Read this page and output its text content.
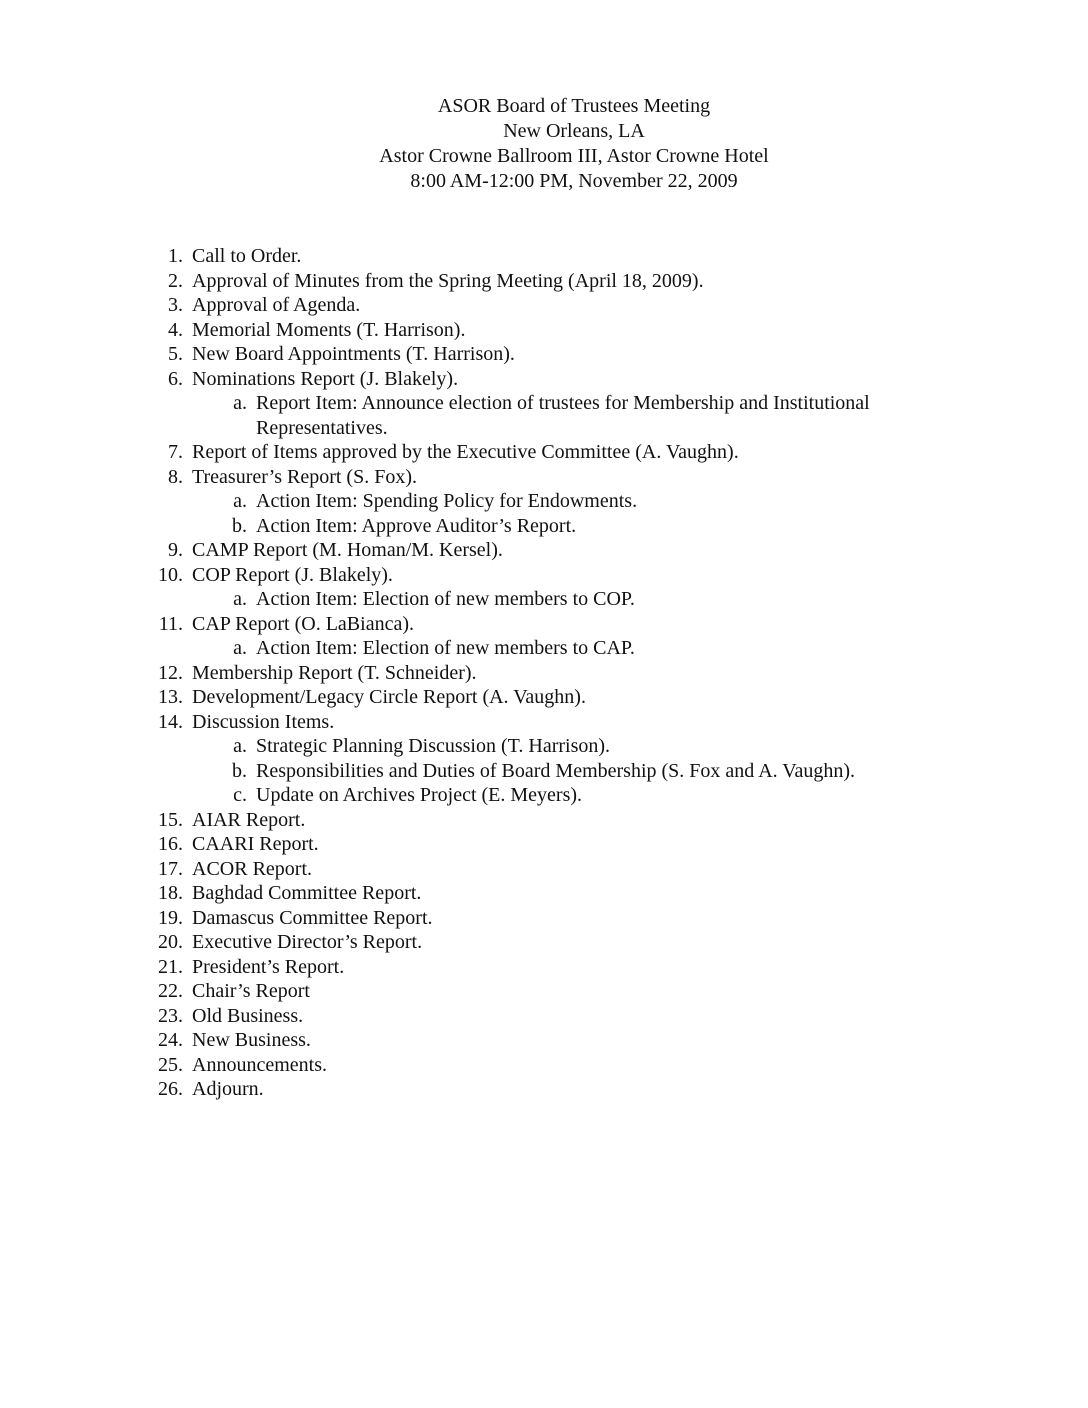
ASOR Board of Trustees Meeting
New Orleans, LA
Astor Crowne Ballroom III, Astor Crowne Hotel
8:00 AM-12:00 PM, November 22, 2009
1. Call to Order.
2. Approval of Minutes from the Spring Meeting (April 18, 2009).
3. Approval of Agenda.
4. Memorial Moments (T. Harrison).
5. New Board Appointments (T. Harrison).
6. Nominations Report (J. Blakely).
a. Report Item: Announce election of trustees for Membership and Institutional Representatives.
7. Report of Items approved by the Executive Committee (A. Vaughn).
8. Treasurer’s Report (S. Fox).
a. Action Item: Spending Policy for Endowments.
b. Action Item: Approve Auditor’s Report.
9. CAMP Report (M. Homan/M. Kersel).
10. COP Report (J. Blakely).
a. Action Item: Election of new members to COP.
11. CAP Report (O. LaBianca).
a. Action Item: Election of new members to CAP.
12. Membership Report (T. Schneider).
13. Development/Legacy Circle Report (A. Vaughn).
14. Discussion Items.
a. Strategic Planning Discussion (T. Harrison).
b. Responsibilities and Duties of Board Membership (S. Fox and A. Vaughn).
c. Update on Archives Project (E. Meyers).
15. AIAR Report.
16. CAARI Report.
17. ACOR Report.
18. Baghdad Committee Report.
19. Damascus Committee Report.
20. Executive Director’s Report.
21. President’s Report.
22. Chair’s Report
23. Old Business.
24. New Business.
25. Announcements.
26. Adjourn.
